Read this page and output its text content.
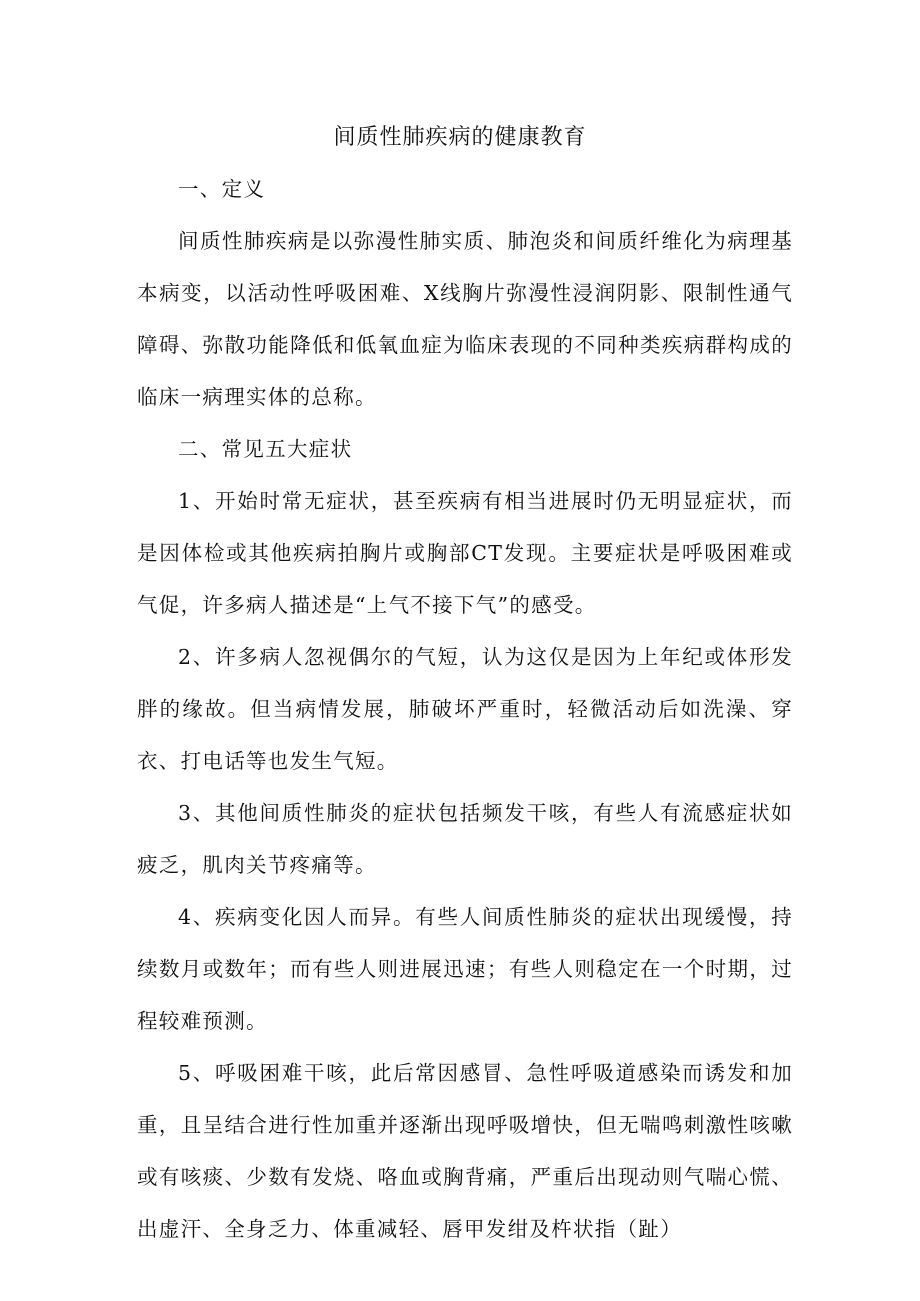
间质性肺疾病的健康教育

一、定义

间质性肺疾病是以弥漫性肺实质、肺泡炎和间质纤维化为病理基本病变，以活动性呼吸困难、X线胸片弥漫性浸润阴影、限制性通气障碍、弥散功能降低和低氧血症为临床表现的不同种类疾病群构成的临床一病理实体的总称。

二、常见五大症状

1、开始时常无症状，甚至疾病有相当进展时仍无明显症状，而是因体检或其他疾病拍胸片或胸部CT发现。主要症状是呼吸困难或气促，许多病人描述是“上气不接下气”的感受。

2、许多病人忽视偶尔的气短，认为这仅是因为上年纪或体形发胖的缘故。但当病情发展，肺破坏严重时，轻微活动后如洗澡、穿衣、打电话等也发生气短。

3、其他间质性肺炎的症状包括频发干咳，有些人有流感症状如疲乏，肌肉关节疼痛等。

4、疾病变化因人而异。有些人间质性肺炎的症状出现缓慢，持续数月或数年；而有些人则进展迅速；有些人则稳定在一个时期，过程较难预测。

5、呼吸困难干咳，此后常因感冒、急性呼吸道感染而诱发和加重，且呈结合进行性加重并逐渐出现呼吸增快，但无喘鸣刺激性咳嗽或有咳痰、少数有发烧、咯血或胸背痛，严重后出现动则气喘心慌、出虚汗、全身乏力、体重减轻、唇甲发绀及杵状指（趾）
